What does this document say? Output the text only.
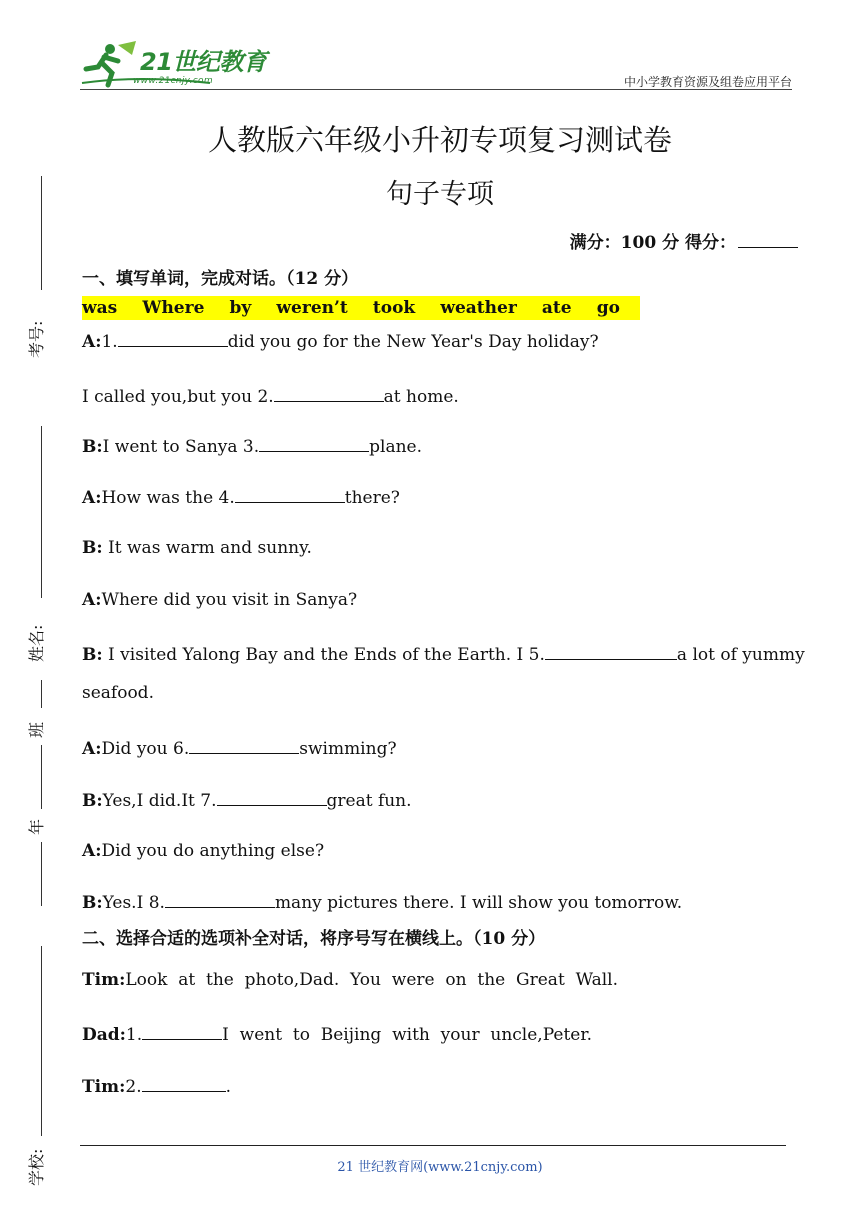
21世纪教育
www.21cnjy.com	中小学教育资源及组卷应用平台
人教版六年级小升初专项复习测试卷
句子专项
满分：100 分 得分：
一、填写单词，完成对话。（12 分）
was Where by weren’t took weather ate go
A:1.	did you go for the New Year's Day holiday?
I called you,but you 2.	at home.
B:I went to Sanya 3.	plane.
A:How was the 4.	there?
B: It was warm and sunny.
A:Where did you visit in Sanya?
B: I visited Yalong Bay and the Ends of the Earth. I 5.	a lot of yummy
seafood.
A:Did you 6.	swimming?
B:Yes,I did.It 7.	great fun.
A:Did you do anything else?
B:Yes.I 8.	many pictures there. I will show you tomorrow.
二、选择合适的选项补全对话，将序号写在横线上。（10 分）
Tim:Look  at  the  photo,Dad.  You  were  on  the  Great  Wall.
Dad:1.	I  went  to  Beijing  with  your  uncle,Peter.
Tim:2.	.
考号:
姓名:
班
年
学校:	21 世纪教育网(www.21cnjy.com)
